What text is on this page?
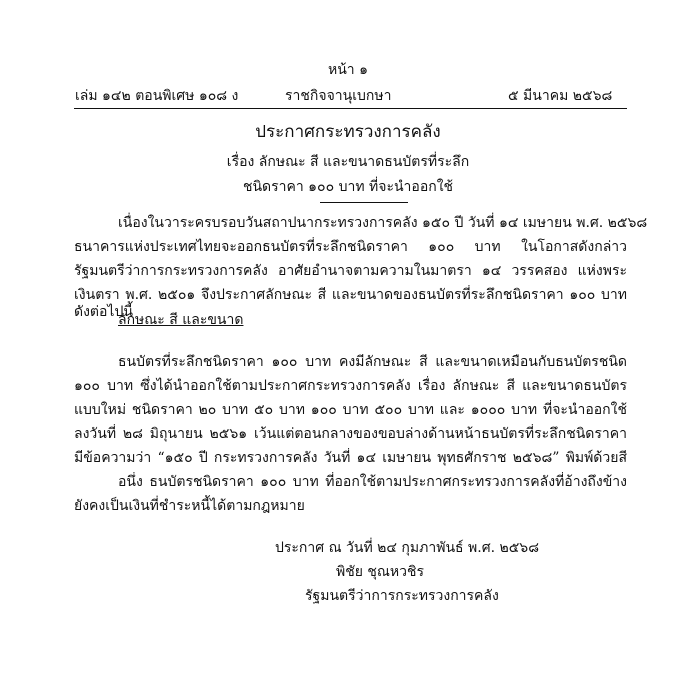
หน้า ๑
เล่ม ๑๔๒ ตอนพิเศษ ๑๐๘ ง	ราชกิจจานุเบกษา	๕ มีนาคม ๒๕๖๘
ประกาศกระทรวงการคลัง
เรื่อง ลักษณะ สี และขนาดธนบัตรที่ระลึก
ชนิดราคา ๑๐๐ บาท ที่จะนำออกใช้
เนื่องในวาระครบรอบวันสถาปนากระทรวงการคลัง ๑๕๐ ปี วันที่ ๑๔ เมษายน พ.ศ. ๒๕๖๘
ธนาคารแห่งประเทศไทยจะออกธนบัตรที่ระลึกชนิดราคา ๑๐๐ บาท ในโอกาสดังกล่าว
รัฐมนตรีว่าการกระทรวงการคลัง อาศัยอำนาจตามความในมาตรา ๑๔ วรรคสอง แห่งพระ
เงินตรา พ.ศ. ๒๕๐๑ จึงประกาศลักษณะ สี และขนาดของธนบัตรที่ระลึกชนิดราคา ๑๐๐ บาท
ดังต่อไปนี้
ลักษณะ สี และขนาด
ธนบัตรที่ระลึกชนิดราคา ๑๐๐ บาท คงมีลักษณะ สี และขนาดเหมือนกับธนบัตรชนิด
๑๐๐ บาท ซึ่งได้นำออกใช้ตามประกาศกระทรวงการคลัง เรื่อง ลักษณะ สี และขนาดธนบัตร
แบบใหม่ ชนิดราคา ๒๐ บาท ๕๐ บาท ๑๐๐ บาท ๕๐๐ บาท และ ๑๐๐๐ บาท ที่จะนำออกใช้
ลงวันที่ ๒๘ มิถุนายน ๒๕๖๑ เว้นแต่ตอนกลางของขอบล่างด้านหน้าธนบัตรที่ระลึกชนิดราคา
มีข้อความว่า “๑๕๐ ปี กระทรวงการคลัง วันที่ ๑๔ เมษายน พุทธศักราช ๒๕๖๘” พิมพ์ด้วยสี
อนึ่ง ธนบัตรชนิดราคา ๑๐๐ บาท ที่ออกใช้ตามประกาศกระทรวงการคลังที่อ้างถึงข้าง
ยังคงเป็นเงินที่ชำระหนี้ได้ตามกฎหมาย
ประกาศ ณ วันที่ ๒๔ กุมภาพันธ์ พ.ศ. ๒๕๖๘
พิชัย ชุณหวชิร
รัฐมนตรีว่าการกระทรวงการคลัง
